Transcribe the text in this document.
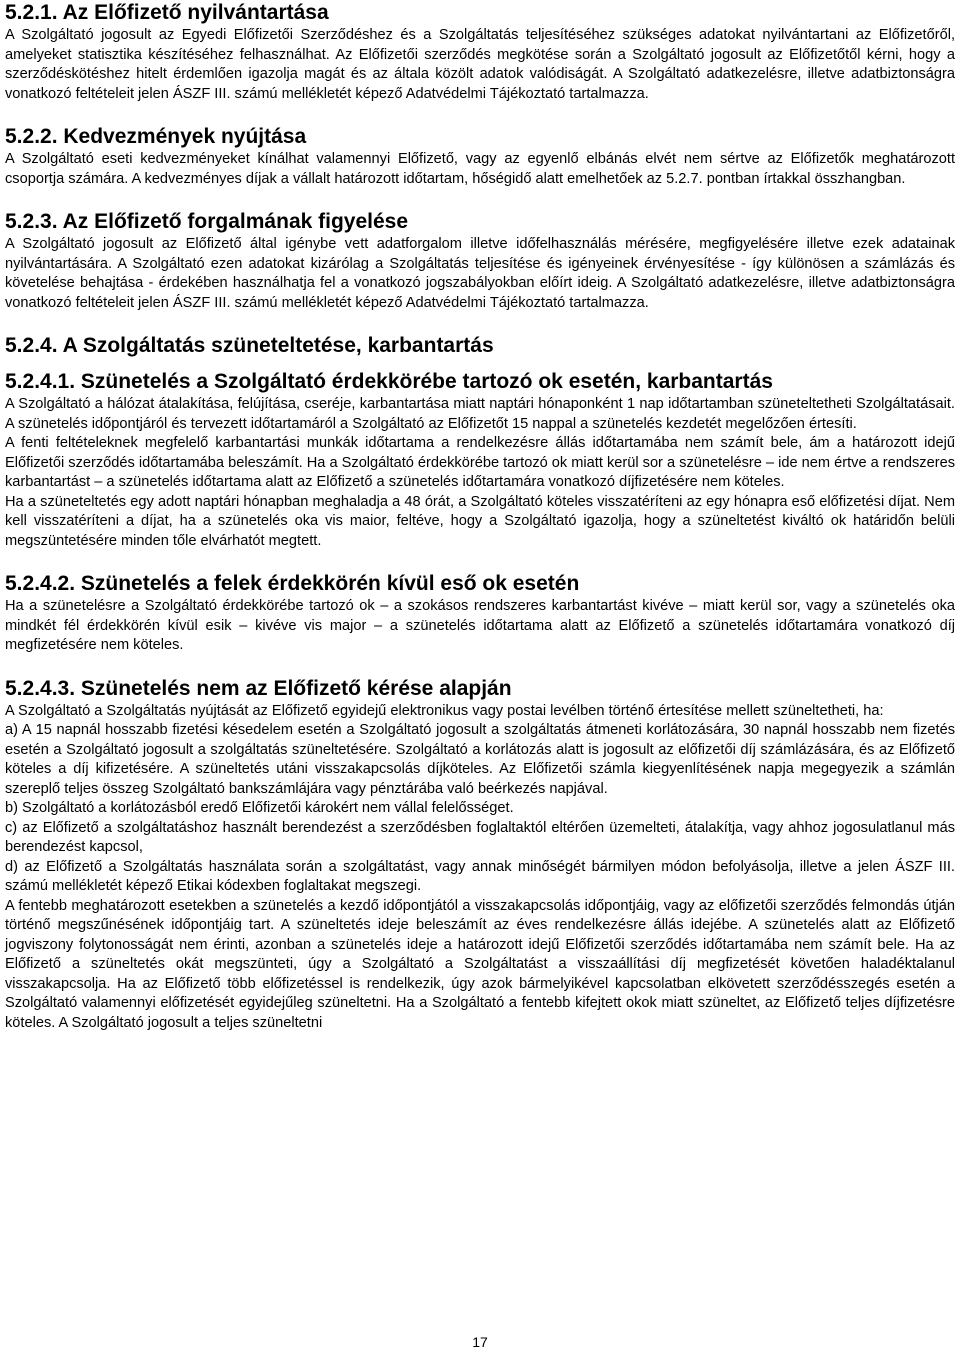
5.2.1. Az Előfizető nyilvántartása

A Szolgáltató jogosult az Egyedi Előfizetői Szerződéshez és a Szolgáltatás teljesítéséhez szükséges adatokat nyilvántartani az Előfizetőről, amelyeket statisztika készítéséhez felhasználhat. Az Előfizetői szerződés megkötése során a Szolgáltató jogosult az Előfizetőtől kérni, hogy a szerződéskötéshez hitelt érdemlően igazolja magát és az általa közölt adatok valódiságát. A Szolgáltató adatkezelésre, illetve adatbiztonságra vonatkozó feltételeit jelen ÁSZF III. számú mellékletét képező Adatvédelmi Tájékoztató tartalmazza.

5.2.2. Kedvezmények nyújtása

A Szolgáltató eseti kedvezményeket kínálhat valamennyi Előfizető, vagy az egyenlő elbánás elvét nem sértve az Előfizetők meghatározott csoportja számára. A kedvezményes díjak a vállalt határozott időtartam, hőségidő alatt emelhetőek az 5.2.7. pontban írtakkal összhangban.

5.2.3. Az Előfizető forgalmának figyelése

A Szolgáltató jogosult az Előfizető által igénybe vett adatforgalom illetve időfelhasználás mérésére, megfigyelésére illetve ezek adatainak nyilvántartására. A Szolgáltató ezen adatokat kizárólag a Szolgáltatás teljesítése és igényeinek érvényesítése - így különösen a számlázás és követelése behajtása - érdekében használhatja fel a vonatkozó jogszabályokban előírt ideig. A Szolgáltató adatkezelésre, illetve adatbiztonságra vonatkozó feltételeit jelen ÁSZF III. számú mellékletét képező Adatvédelmi Tájékoztató tartalmazza.

5.2.4. A Szolgáltatás szüneteltetése, karbantartás
5.2.4.1. Szünetelés a Szolgáltató érdekkörébe tartozó ok esetén, karbantartás

A Szolgáltató a hálózat átalakítása, felújítása, cseréje, karbantartása miatt naptári hónaponként 1 nap időtartamban szüneteltetheti Szolgáltatásait. A szünetelés időpontjáról és tervezett időtartamáról a Szolgáltató az Előfizetőt 15 nappal a szünetelés kezdetét megelőzően értesíti.

A fenti feltételeknek megfelelő karbantartási munkák időtartama a rendelkezésre állás időtartamába nem számít bele, ám a határozott idejű Előfizetői szerződés időtartamába beleszámít. Ha a Szolgáltató érdekkörébe tartozó ok miatt kerül sor a szünetelésre – ide nem értve a rendszeres karbantartást – a szünetelés időtartama alatt az Előfizető a szünetelés időtartamára vonatkozó díjfizetésére nem köteles.

Ha a szüneteltetés egy adott naptári hónapban meghaladja a 48 órát, a Szolgáltató köteles visszatéríteni az egy hónapra eső előfizetési díjat. Nem kell visszatéríteni a díjat, ha a szünetelés oka vis maior, feltéve, hogy a Szolgáltató igazolja, hogy a szüneltetést kiváltó ok határidőn belüli megszüntetésére minden tőle elvárhatót megtett.

5.2.4.2. Szünetelés a felek érdekkörén kívül eső ok esetén

Ha a szünetelésre a Szolgáltató érdekkörébe tartozó ok – a szokásos rendszeres karbantartást kivéve – miatt kerül sor, vagy a szünetelés oka mindkét fél érdekkörén kívül esik – kivéve vis major – a szünetelés időtartama alatt az Előfizető a szünetelés időtartamára vonatkozó díj megfizetésére nem köteles.

5.2.4.3. Szünetelés nem az Előfizető kérése alapján

A Szolgáltató a Szolgáltatás nyújtását az Előfizető egyidejű elektronikus vagy postai levélben történő értesítése mellett szüneltetheti, ha:

a) A 15 napnál hosszabb fizetési késedelem esetén a Szolgáltató jogosult a szolgáltatás átmeneti korlátozására, 30 napnál hosszabb nem fizetés esetén a Szolgáltató jogosult a szolgáltatás szüneltetésére. Szolgáltató a korlátozás alatt is jogosult az előfizetői díj számlázására, és az Előfizető köteles a díj kifizetésére. A szüneltetés utáni visszakapcsolás díjköteles. Az Előfizetői számla kiegyenlítésének napja megegyezik a számlán szereplő teljes összeg Szolgáltató bankszámlájára vagy pénztárába való beérkezés napjával.

b) Szolgáltató a korlátozásból eredő Előfizetői károkért nem vállal felelősséget.

c) az Előfizető a szolgáltatáshoz használt berendezést a szerződésben foglaltaktól eltérően üzemelteti, átalakítja, vagy ahhoz jogosulatlanul más berendezést kapcsol,

d) az Előfizető a Szolgáltatás használata során a szolgáltatást, vagy annak minőségét bármilyen módon befolyásolja, illetve a jelen ÁSZF III. számú mellékletét képező Etikai kódexben foglaltakat megszegi.

A fentebb meghatározott esetekben a szünetelés a kezdő időpontjától a visszakapcsolás időpontjáig, vagy az előfizetői szerződés felmondás útján történő megszűnésének időpontjáig tart. A szüneltetés ideje beleszámít az éves rendelkezésre állás idejébe. A szünetelés alatt az Előfizető jogviszony folytonosságát nem érinti, azonban a szünetelés ideje a határozott idejű Előfizetői szerződés időtartamába nem számít bele. Ha az Előfizető a szüneltetés okát megszünteti, úgy a Szolgáltató a Szolgáltatást a visszaállítási díj megfizetését követően haladéktalanul visszakapcsolja. Ha az Előfizető több előfizetéssel is rendelkezik, úgy azok bármelyikével kapcsolatban elkövetett szerződésszegés esetén a Szolgáltató valamennyi előfizetését egyidejűleg szüneltetni. Ha a Szolgáltató a fentebb kifejtett okok miatt szüneltet, az Előfizető teljes díjfizetésre köteles. A Szolgáltató jogosult a teljes szüneltetni

17
